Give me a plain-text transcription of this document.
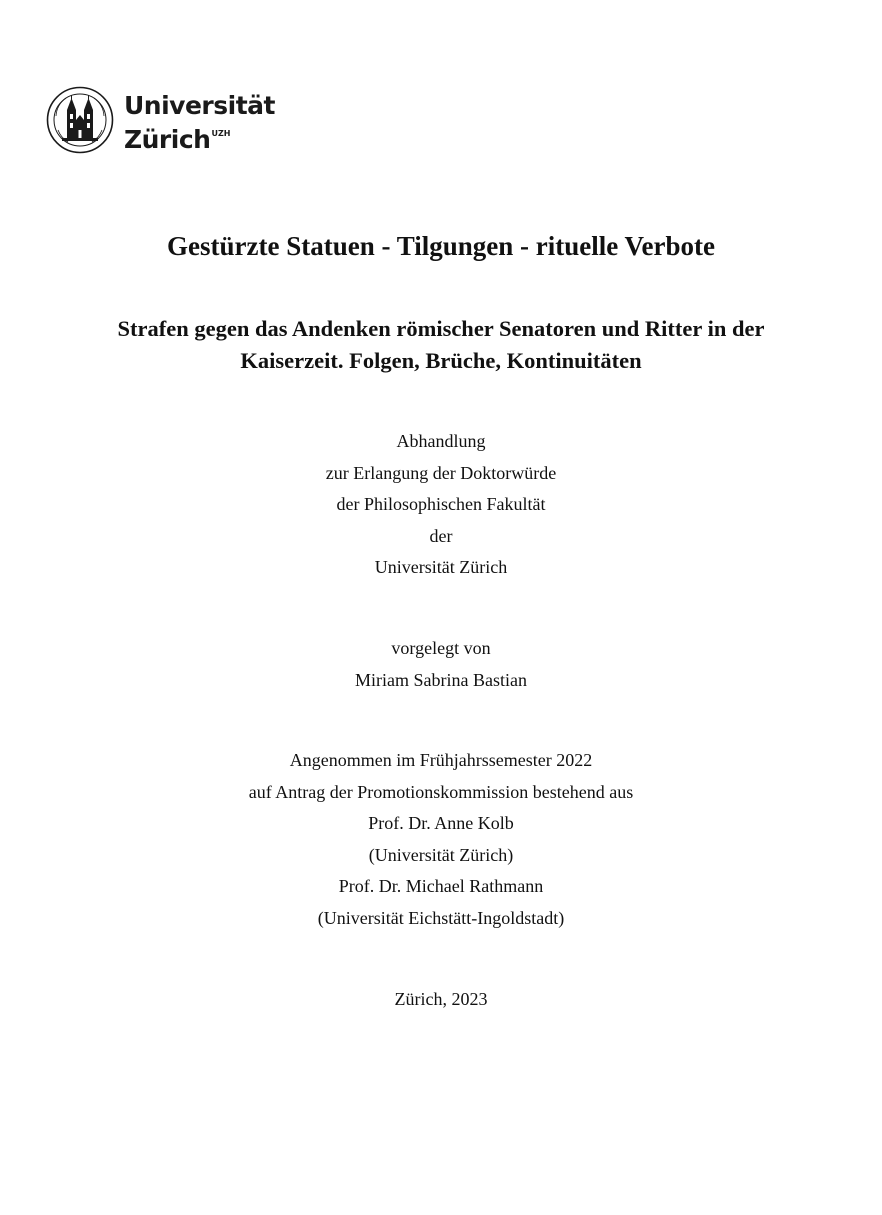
Universität
Zürich$^{UZH}$
Gestürzte Statuen - Tilgungen - rituelle Verbote
Strafen gegen das Andenken römischer Senatoren und Ritter in der
Kaiserzeit. Folgen, Brüche, Kontinuitäten
Abhandlung
zur Erlangung der Doktorwürde
der Philosophischen Fakultät
der
Universität Zürich
vorgelegt von
Miriam Sabrina Bastian
Angenommen im Frühjahrssemester 2022
auf Antrag der Promotionskommission bestehend aus
Prof. Dr. Anne Kolb
(Universität Zürich)
Prof. Dr. Michael Rathmann
(Universität Eichstätt-Ingoldstadt)
Zürich, 2023
